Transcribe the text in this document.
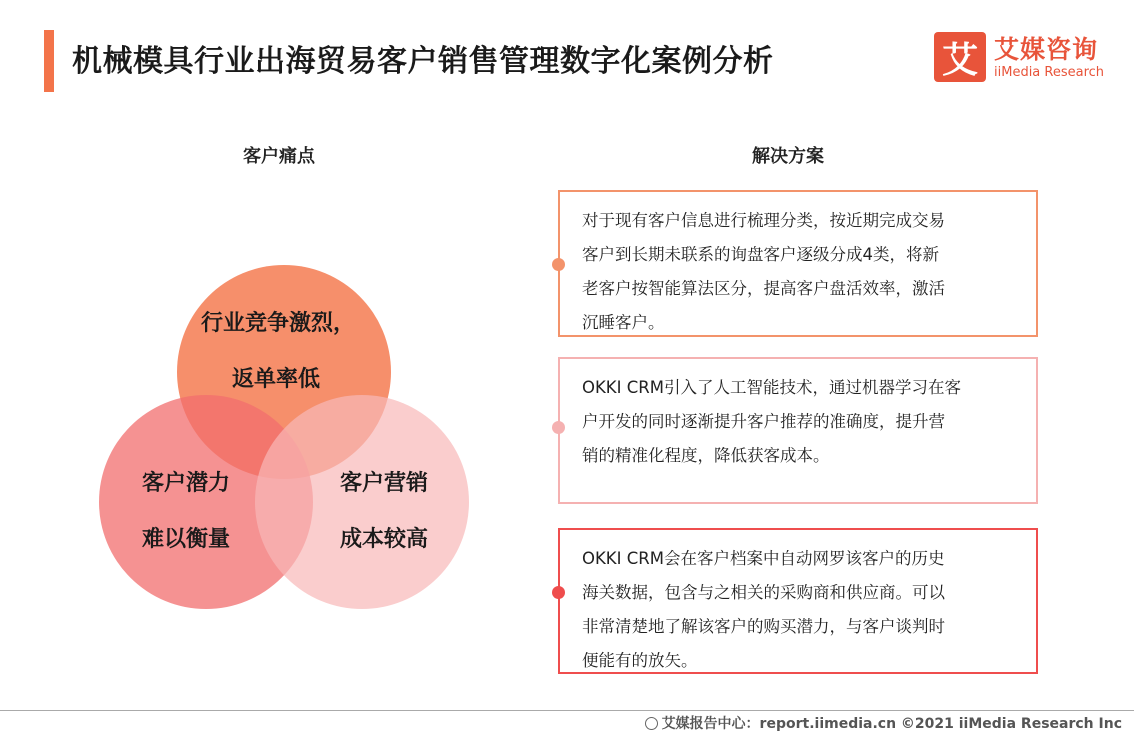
机械模具行业出海贸易客户销售管理数字化案例分析	艾 艾媒咨询
iiMedia Research
客户痛点	解决方案
行业竞争激烈，
返单率低
客户潜力
难以衡量
客户营销
成本较高

对于现有客户信息进行梳理分类，按近期完成交易

客户到长期未联系的询盘客户逐级分成4类，将新

老客户按智能算法区分，提高客户盘活效率，激活

沉睡客户。

OKKI CRM引入了人工智能技术，通过机器学习在客

户开发的同时逐渐提升客户推荐的准确度，提升营

销的精准化程度，降低获客成本。

OKKI CRM会在客户档案中自动网罗该客户的历史

海关数据，包含与之相关的采购商和供应商。可以

非常清楚地了解该客户的购买潜力，与客户谈判时

便能有的放矢。

艾媒报告中心：report.iimedia.cn ©2021 iiMedia Research Inc
